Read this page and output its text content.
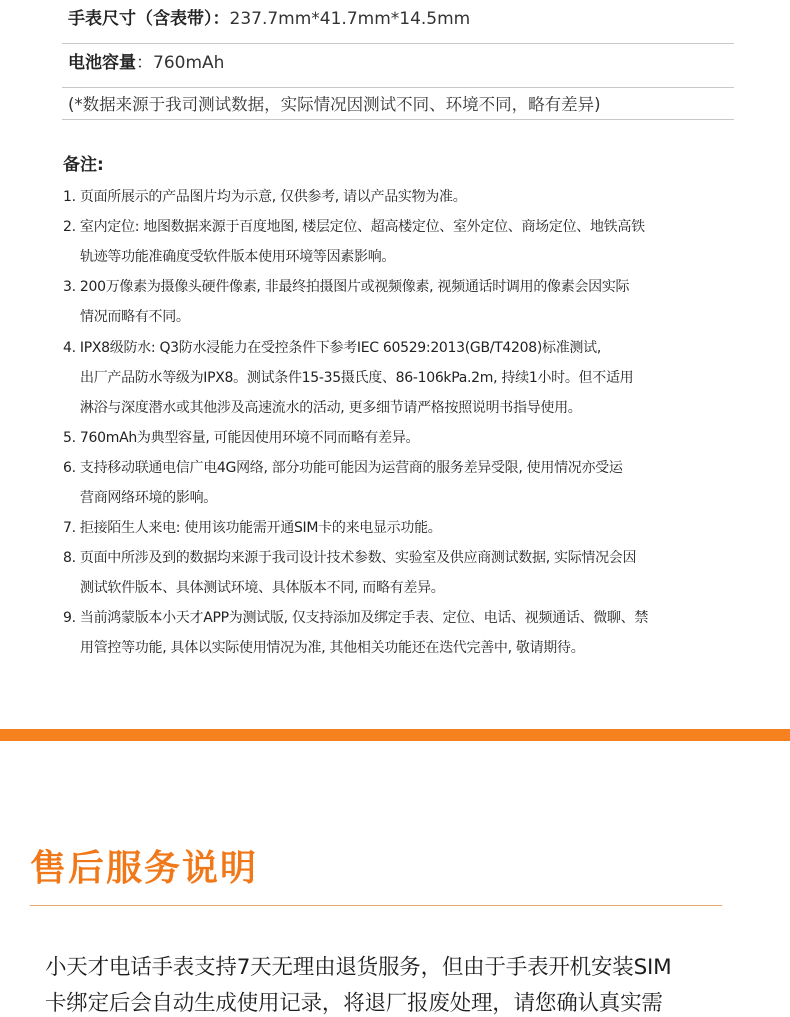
手表尺寸（含表带）：237.7mm*41.7mm*14.5mm
电池容量：760mAh
(*数据来源于我司测试数据，实际情况因测试不同、环境不同，略有差异)
备注:
1. 页面所展示的产品图片均为示意, 仅供参考, 请以产品实物为准。
2. 室内定位: 地图数据来源于百度地图, 楼层定位、超高楼定位、室外定位、商场定位、地铁高铁
轨迹等功能准确度受软件版本使用环境等因素影响。
3. 200万像素为摄像头硬件像素, 非最终拍摄图片或视频像素, 视频通话时调用的像素会因实际
情况而略有不同。
4. IPX8级防水: Q3防水浸能力在受控条件下参考IEC 60529:2013(GB/T4208)标准测试,
出厂产品防水等级为IPX8。测试条件15-35摄氏度、86-106kPa.2m, 持续1小时。但不适用
淋浴与深度潜水或其他涉及高速流水的活动, 更多细节请严格按照说明书指导使用。
5. 760mAh为典型容量, 可能因使用环境不同而略有差异。
6. 支持移动联通电信广电4G网络, 部分功能可能因为运营商的服务差异受限, 使用情况亦受运
营商网络环境的影响。
7. 拒接陌生人来电: 使用该功能需开通SIM卡的来电显示功能。
8. 页面中所涉及到的数据均来源于我司设计技术参数、实验室及供应商测试数据, 实际情况会因
测试软件版本、具体测试环境、具体版本不同, 而略有差异。
9. 当前鸿蒙版本小天才APP为测试版, 仅支持添加及绑定手表、定位、电话、视频通话、微聊、禁
用管控等功能, 具体以实际使用情况为准, 其他相关功能还在迭代完善中, 敬请期待。
售后服务说明
小天才电话手表支持7天无理由退货服务，但由于手表开机安装SIM
卡绑定后会自动生成使用记录，将退厂报废处理，请您确认真实需
